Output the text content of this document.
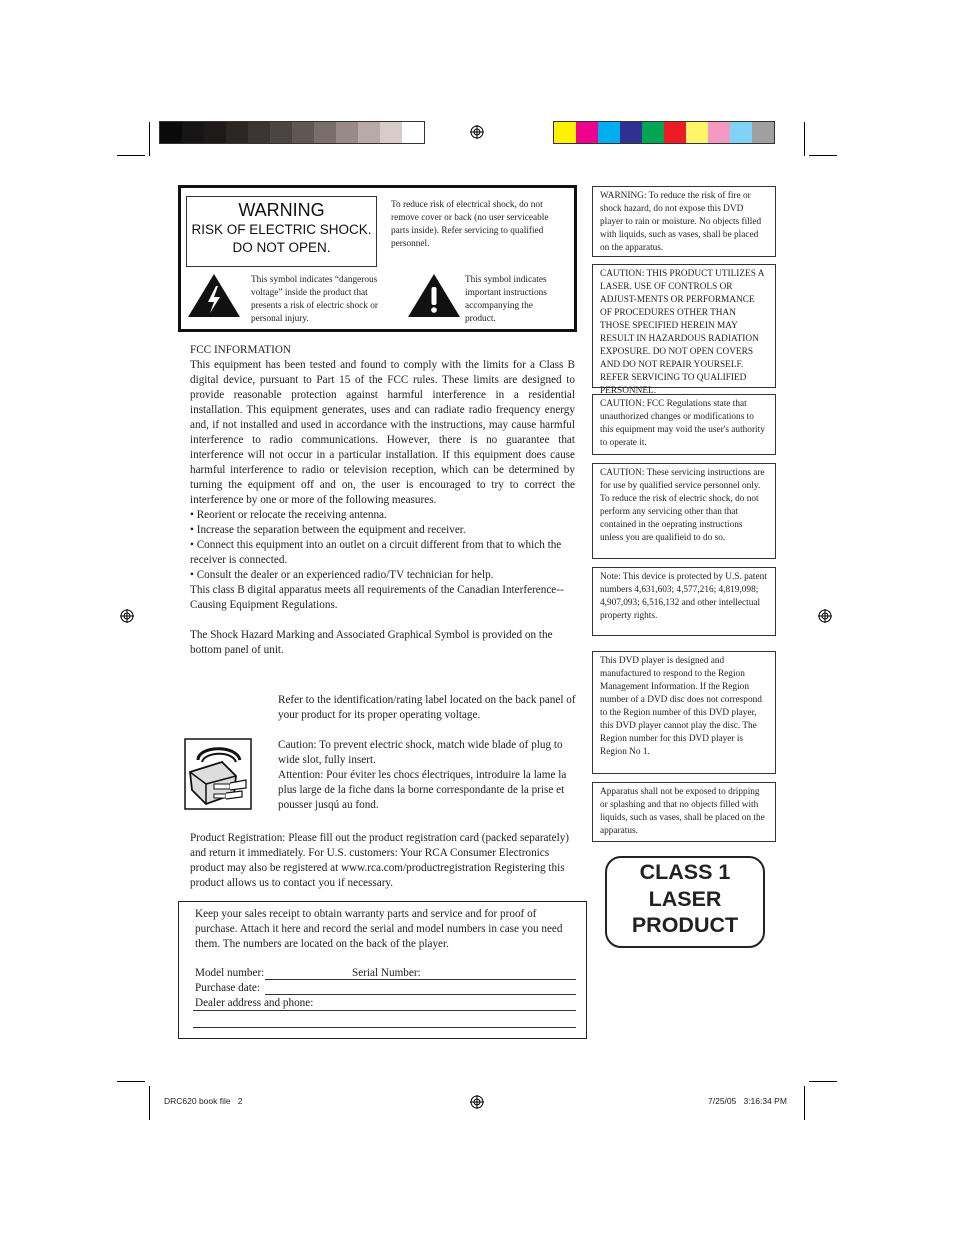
WARNING
RISK OF ELECTRIC SHOCK.
DO NOT OPEN.
To reduce risk of electrical shock, do not remove cover or back (no user serviceable parts inside). Refer servicing to qualified personnel.
This symbol indicates “dangerous voltage” inside the product that presents a risk of electric shock or personal injury.
This symbol indicates important instructions accompanying the product.
FCC INFORMATION
This equipment has been tested and found to comply with the limits for a Class B digital device, pursuant to Part 15 of the FCC rules. These limits are designed to provide reasonable protection against harmful interference in a residential installation. This equipment generates, uses and can radiate radio frequency energy and, if not installed and used in accordance with the instructions, may cause harmful interference to radio communications. However, there is no guarantee that interference will not occur in a particular installation. If this equipment does cause harmful interference to radio or television reception, which can be determined by turning the equipment off and on, the user is encouraged to try to correct the interference by one or more of the following measures.
• Reorient or relocate the receiving antenna.
• Increase the separation between the equipment and receiver.
• Connect this equipment into an outlet on a circuit different from that to which the receiver is connected.
• Consult the dealer or an experienced radio/TV technician for help.
This class B digital apparatus meets all requirements of the Canadian Interference--Causing Equipment Regulations.
The Shock Hazard Marking and Associated Graphical Symbol is provided on the bottom panel of unit.
Refer to the identification/rating label located on the back panel of your product for its proper operating voltage.
Caution: To prevent electric shock, match wide blade of plug to wide slot, fully insert.
Attention: Pour éviter les chocs électriques, introduire la lame la plus large de la fiche dans la borne correspondante de la prise et pousser jusqú au fond.
Product Registration: Please fill out the product registration card (packed separately) and return it immediately. For U.S. customers: Your RCA Consumer Electronics product may also be registered at www.rca.com/productregistration Registering this product allows us to contact you if necessary.
Keep your sales receipt to obtain warranty parts and service and for proof of purchase. Attach it here and record the serial and model numbers in case you need them. The numbers are located on the back of the player.
Model number:	Serial Number:
Purchase date:
Dealer address and phone:
WARNING: To reduce the risk of fire or shock hazard, do not expose this DVD player to rain or moisture. No objects filled with liquids, such as vases, shall be placed on the apparatus.
CAUTION: THIS PRODUCT UTILIZES A LASER. USE OF CONTROLS OR ADJUST-MENTS OR PERFORMANCE OF PROCEDURES OTHER THAN THOSE SPECIFIED HEREIN MAY RESULT IN HAZARDOUS RADIATION EXPOSURE. DO NOT OPEN COVERS AND DO NOT REPAIR YOURSELF. REFER SERVICING TO QUALIFIED PERSONNEL.
CAUTION: FCC Regulations state that unauthorized changes or modifications to this equipment may void the user's authority to operate it.
CAUTION: These servicing instructions are for use by qualified service personnel only. To reduce the risk of electric shock, do not perform any servicing other than that contained in the oeprating instructions unless you are qualifieid to do so.
Note: This device is protected by U.S. patent numbers 4,631,603; 4,577,216; 4,819,098; 4,907,093; 6,516,132 and other intellectual property rights.
This DVD player is designed and manufactured to respond to the Region Management Information. If the Region number of a DVD disc does not correspond to the Region number of this DVD player, this DVD player cannot play the disc. The Region number for this DVD player is Region No 1.
Apparatus shall not be exposed to dripping or splashing and that no objects filled with liquids, such as vases, shall be placed on the apparatus.
CLASS 1
LASER
PRODUCT
DRC620 book file   2	7/25/05   3:16:34 PM
